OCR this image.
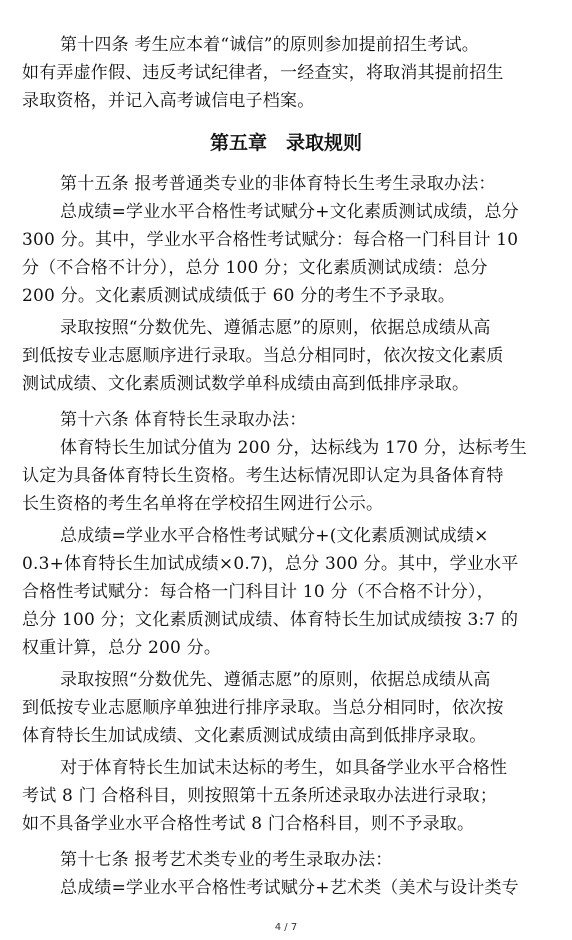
第十四条 考生应本着“诚信”的原则参加提前招生考试。
如有弄虚作假、违反考试纪律者，一经查实，将取消其提前招生
录取资格，并记入高考诚信电子档案。
第五章　录取规则
第十五条 报考普通类专业的非体育特长生考生录取办法：
总成绩=学业水平合格性考试赋分+文化素质测试成绩，总分
300 分。其中，学业水平合格性考试赋分：每合格一门科目计 10
分（不合格不计分），总分 100 分；文化素质测试成绩：总分
200 分。文化素质测试成绩低于 60 分的考生不予录取。
录取按照“分数优先、遵循志愿”的原则，依据总成绩从高
到低按专业志愿顺序进行录取。当总分相同时，依次按文化素质
测试成绩、文化素质测试数学单科成绩由高到低排序录取。
第十六条 体育特长生录取办法：
体育特长生加试分值为 200 分，达标线为 170 分，达标考生
认定为具备体育特长生资格。考生达标情况即认定为具备体育特
长生资格的考生名单将在学校招生网进行公示。
总成绩=学业水平合格性考试赋分+(文化素质测试成绩×
0.3+体育特长生加试成绩×0.7)，总分 300 分。其中，学业水平
合格性考试赋分：每合格一门科目计 10 分（不合格不计分），
总分 100 分；文化素质测试成绩、体育特长生加试成绩按 3:7 的
权重计算，总分 200 分。
录取按照“分数优先、遵循志愿”的原则，依据总成绩从高
到低按专业志愿顺序单独进行排序录取。当总分相同时，依次按
体育特长生加试成绩、文化素质测试成绩由高到低排序录取。
对于体育特长生加试未达标的考生，如具备学业水平合格性
考试 8 门 合格科目，则按照第十五条所述录取办法进行录取；
如不具备学业水平合格性考试 8 门合格科目，则不予录取。
第十七条 报考艺术类专业的考生录取办法：
总成绩=学业水平合格性考试赋分+艺术类（美术与设计类专
4 / 7
